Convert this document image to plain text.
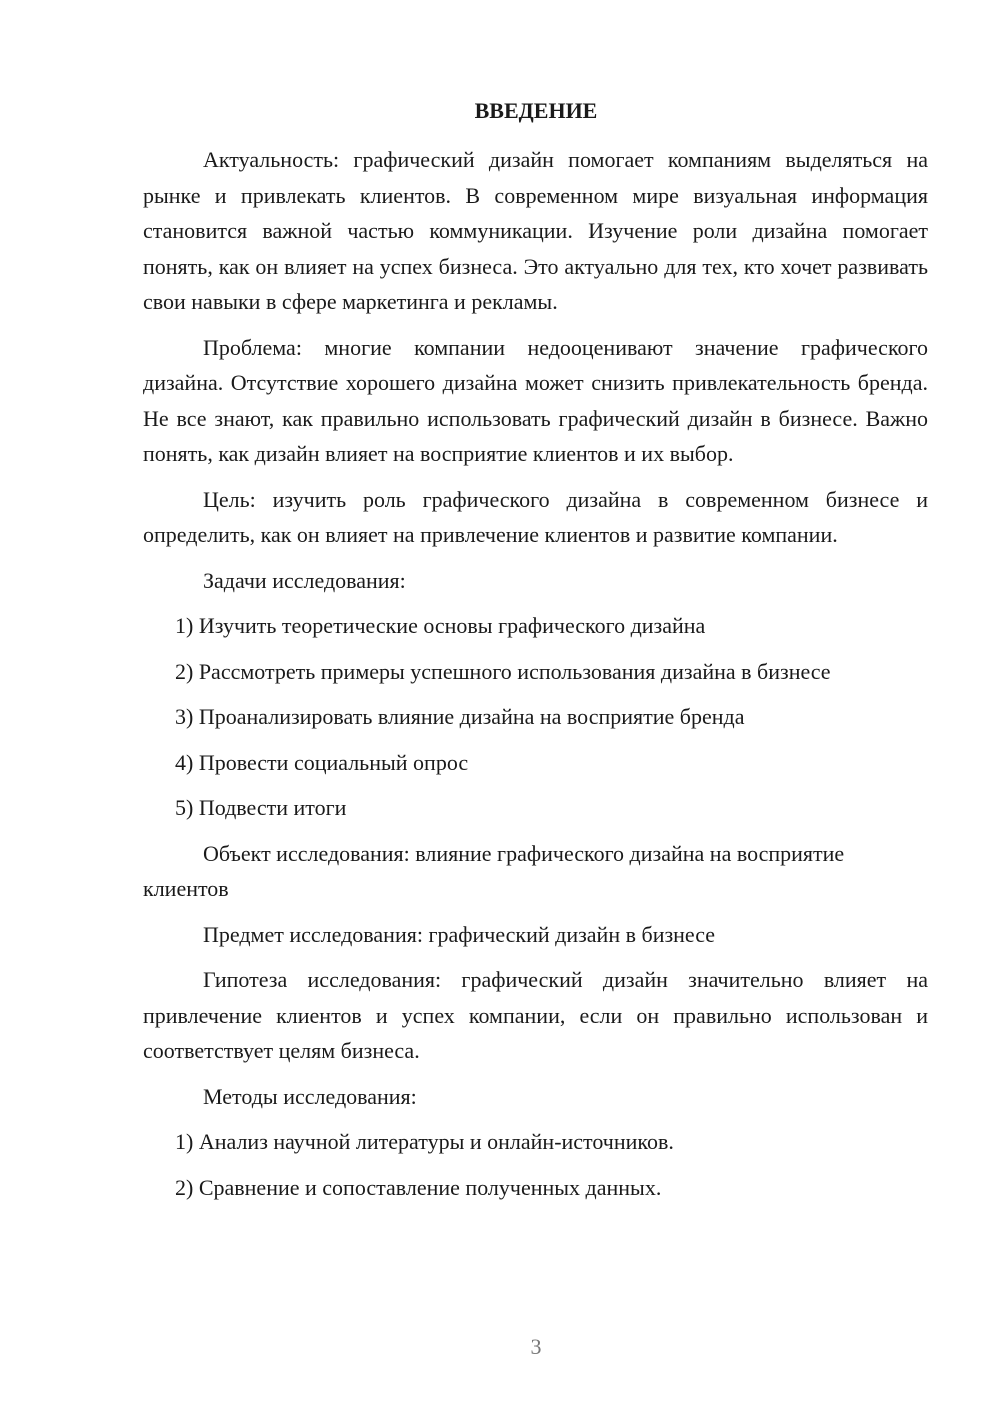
ВВЕДЕНИЕ

Актуальность: графический дизайн помогает компаниям выделяться на рынке и привлекать клиентов. В современном мире визуальная информация становится важной частью коммуникации. Изучение роли дизайна помогает понять, как он влияет на успех бизнеса. Это актуально для тех, кто хочет развивать свои навыки в сфере маркетинга и рекламы.

Проблема: многие компании недооценивают значение графического дизайна. Отсутствие хорошего дизайна может снизить привлекательность бренда. Не все знают, как правильно использовать графический дизайн в бизнесе. Важно понять, как дизайн влияет на восприятие клиентов и их выбор.

Цель: изучить роль графического дизайна в современном бизнесе и определить, как он влияет на привлечение клиентов и развитие компании.

Задачи исследования:

1) Изучить теоретические основы графического дизайна

2) Рассмотреть примеры успешного использования дизайна в бизнесе

3) Проанализировать влияние дизайна на восприятие бренда

4) Провести социальный опрос

5) Подвести итоги

Объект исследования: влияние графического дизайна на восприятие клиентов

Предмет исследования: графический дизайн в бизнесе

Гипотеза исследования: графический дизайн значительно влияет на привлечение клиентов и успех компании, если он правильно использован и соответствует целям бизнеса.

Методы исследования:

1) Анализ научной литературы и онлайн-источников.

2) Сравнение и сопоставление полученных данных.

3
